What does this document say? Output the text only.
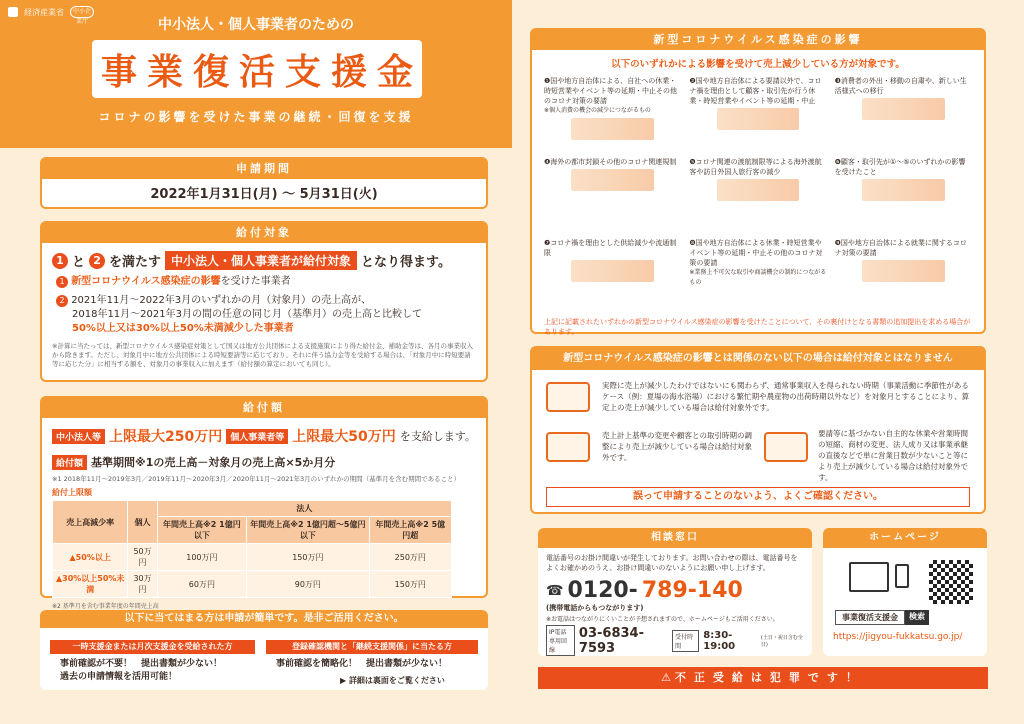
経済産業省	中小企業庁	中小法人・個人事業者のための
事 業 復 活 支 援 金
コロナの影響を受けた事業の継続・回復を支援
申請期間
2022年1月31日(月) ～ 5月31日(火)
給付対象
1 と 2 を満たす 中小法人・個人事業者が給付対象 となり得ます。
1 新型コロナウイルス感染症の影響を受けた事業者
2 2021年11月～2022年3月のいずれかの月（対象月）の売上高が、
2018年11月～2021年3月の間の任意の同じ月（基準月）の売上高と比較して
50%以上又は30%以上50%未満減少した事業者
※計算に当たっては、新型コロナウイルス感染症対策として国又は地方公共団体による支援施策により得た給付金、補助金等は、各月の事業収入から除きます。ただし、対象月中に地方公共団体による時短要請等に応じており、それに伴う協力金等を受給する場合は、「対象月中に時短要請等に応じた分」に相当する額を、対象月の事業収入に加えます（給付額の算定においても同じ）。
給付額
中小法人等 上限最大250万円 個人事業者等 上限最大50万円 を支給します。
給付額 基準期間※1の売上高－対象月の売上高×5か月分
※1 2018年11月～2019年3月／2019年11月～2020年3月／2020年11月～2021年3月のいずれかの期間（基準月を含む期間であること）
給付上限額
売上高減少率	個人	法人		
		年間売上高※2 1億円以下	年間売上高※2 1億円超～5億円以下	年間売上高※2 5億円超
▲50%以上	50万円	100万円	150万円	250万円
▲30%以上50%未満	30万円	60万円	90万円	150万円
※2 基準月を含む事業年度の年間売上高
以下に当てはまる方は申請が簡単です。是非ご活用ください。
一時支援金または月次支援金を受給された方
事前確認が不要！　提出書類が少ない！
過去の申請情報を活用可能！
登録確認機関と「継続支援関係」に当たる方
事前確認を簡略化！　提出書類が少ない！
▶ 詳細は裏面をご覧ください
新型コロナウイルス感染症の影響
以下のいずれかによる影響を受けて売上減少している方が対象です。
❶国や地方自治体による、自社への休業・時短営業やイベント等の延期・中止その他のコロナ対策の要請
※個人消費の機会の減少につながるもの
❷国や地方自治体による要請以外で、コロナ禍を理由として顧客・取引先が行う休業・時短営業やイベント等の延期・中止
❸消費者の外出・移動の自粛や、新しい生活様式への移行
❹海外の都市封鎖その他のコロナ関連規制	❺コロナ関連の渡航制限等による海外渡航客や訪日外国人旅行客の減少
❻顧客・取引先が①～⑤のいずれかの影響を受けたこと
❼コロナ禍を理由とした供給減少や流通制限
❽国や地方自治体による休業・時短営業やイベント等の延期・中止その他のコロナ対策の要請
※業務上不可欠な取引や商談機会の制約につながるもの
❾国や地方自治体による就業に関するコロナ対策の要請
上記に記載されたいずれかの新型コロナウイルス感染症の影響を受けたことについて、その裏付けとなる書類の追加提出を求める場合があります。
新型コロナウイルス感染症の影響とは関係のない以下の場合は給付対象とはなりません
実際に売上が減少したわけではないにも関わらず、通常事業収入を得られない時期（事業活動に季節性があるケース（例：夏場の海水浴場）における繁忙期や農産物の出荷時期以外など）を対象月とすることにより、算定上の売上が減少している場合は給付対象外です。
売上計上基準の変更や顧客との取引時期の調整により売上が減少している場合は給付対象外です。
要請等に基づかない自主的な休業や営業時間の短縮、商材の変更、法人成り又は事業承継の直後などで単に営業日数が少ないこと等により売上が減少している場合は給付対象外です。
誤って申請することのないよう、よくご確認ください。
相談窓口
電話番号のお掛け間違いが発生しております。お問い合わせの際は、電話番号をよくお確かめのうえ、お掛け間違いのないようにお願い申し上げます。
☎ 0120- 789-140
(携帯電話からもつながります)
※お電話はつながりにくいことが予想されますので、ホームページもご活用ください。
IP電話専用回線
03-6834-7593
受付時間
8:30-19:00
(土日・祝日含む全日)
ホームページ
事業復活支援金	検索
https://jigyou-fukkatsu.go.jp/
⚠ 不正受給は犯罪です！
